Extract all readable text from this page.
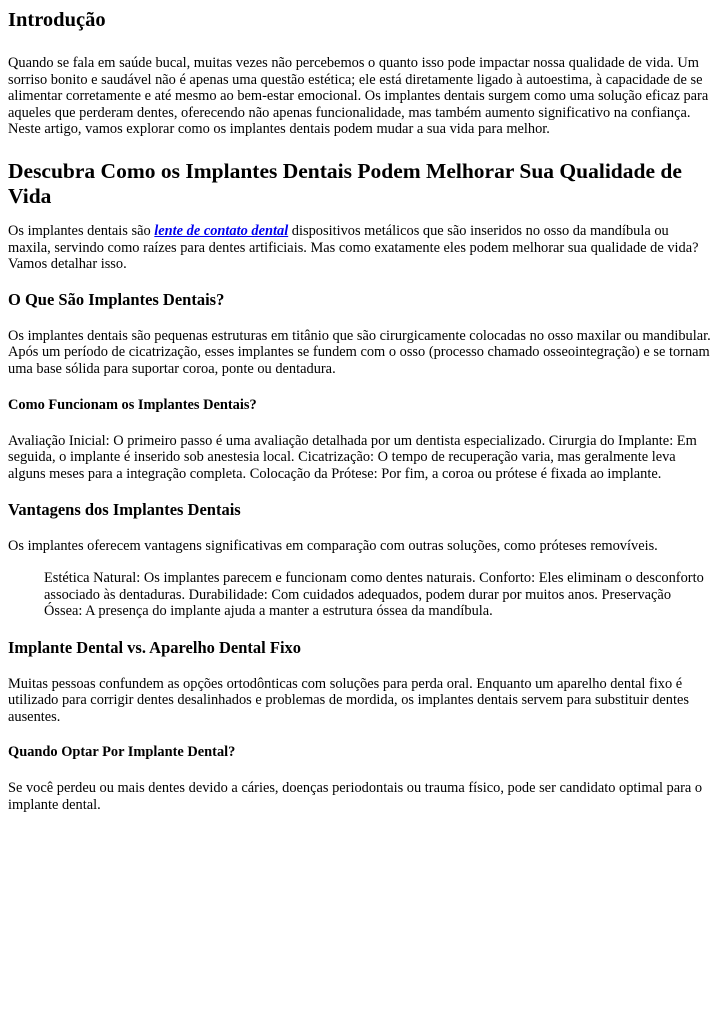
Introdução

Quando se fala em saúde bucal, muitas vezes não percebemos o quanto isso pode impactar nossa qualidade de vida. Um sorriso bonito e saudável não é apenas uma questão estética; ele está diretamente ligado à autoestima, à capacidade de se alimentar corretamente e até mesmo ao bem-estar emocional. Os implantes dentais surgem como uma solução eficaz para aqueles que perderam dentes, oferecendo não apenas funcionalidade, mas também aumento significativo na confiança. Neste artigo, vamos explorar como os implantes dentais podem mudar a sua vida para melhor.

Descubra Como os Implantes Dentais Podem Melhorar Sua Qualidade de Vida

Os implantes dentais são lente de contato dental dispositivos metálicos que são inseridos no osso da mandíbula ou maxila, servindo como raízes para dentes artificiais. Mas como exatamente eles podem melhorar sua qualidade de vida? Vamos detalhar isso.

O Que São Implantes Dentais?

Os implantes dentais são pequenas estruturas em titânio que são cirurgicamente colocadas no osso maxilar ou mandibular. Após um período de cicatrização, esses implantes se fundem com o osso (processo chamado osseointegração) e se tornam uma base sólida para suportar coroa, ponte ou dentadura.

Como Funcionam os Implantes Dentais?

Avaliação Inicial: O primeiro passo é uma avaliação detalhada por um dentista especializado. Cirurgia do Implante: Em seguida, o implante é inserido sob anestesia local. Cicatrização: O tempo de recuperação varia, mas geralmente leva alguns meses para a integração completa. Colocação da Prótese: Por fim, a coroa ou prótese é fixada ao implante.

Vantagens dos Implantes Dentais

Os implantes oferecem vantagens significativas em comparação com outras soluções, como próteses removíveis.

Estética Natural: Os implantes parecem e funcionam como dentes naturais. Conforto: Eles eliminam o desconforto associado às dentaduras. Durabilidade: Com cuidados adequados, podem durar por muitos anos. Preservação Óssea: A presença do implante ajuda a manter a estrutura óssea da mandíbula.
Implante Dental vs. Aparelho Dental Fixo

Muitas pessoas confundem as opções ortodônticas com soluções para perda oral. Enquanto um aparelho dental fixo é utilizado para corrigir dentes desalinhados e problemas de mordida, os implantes dentais servem para substituir dentes ausentes.

Quando Optar Por Implante Dental?

Se você perdeu ou mais dentes devido a cáries, doenças periodontais ou trauma físico, pode ser candidato optimal para o implante dental.
